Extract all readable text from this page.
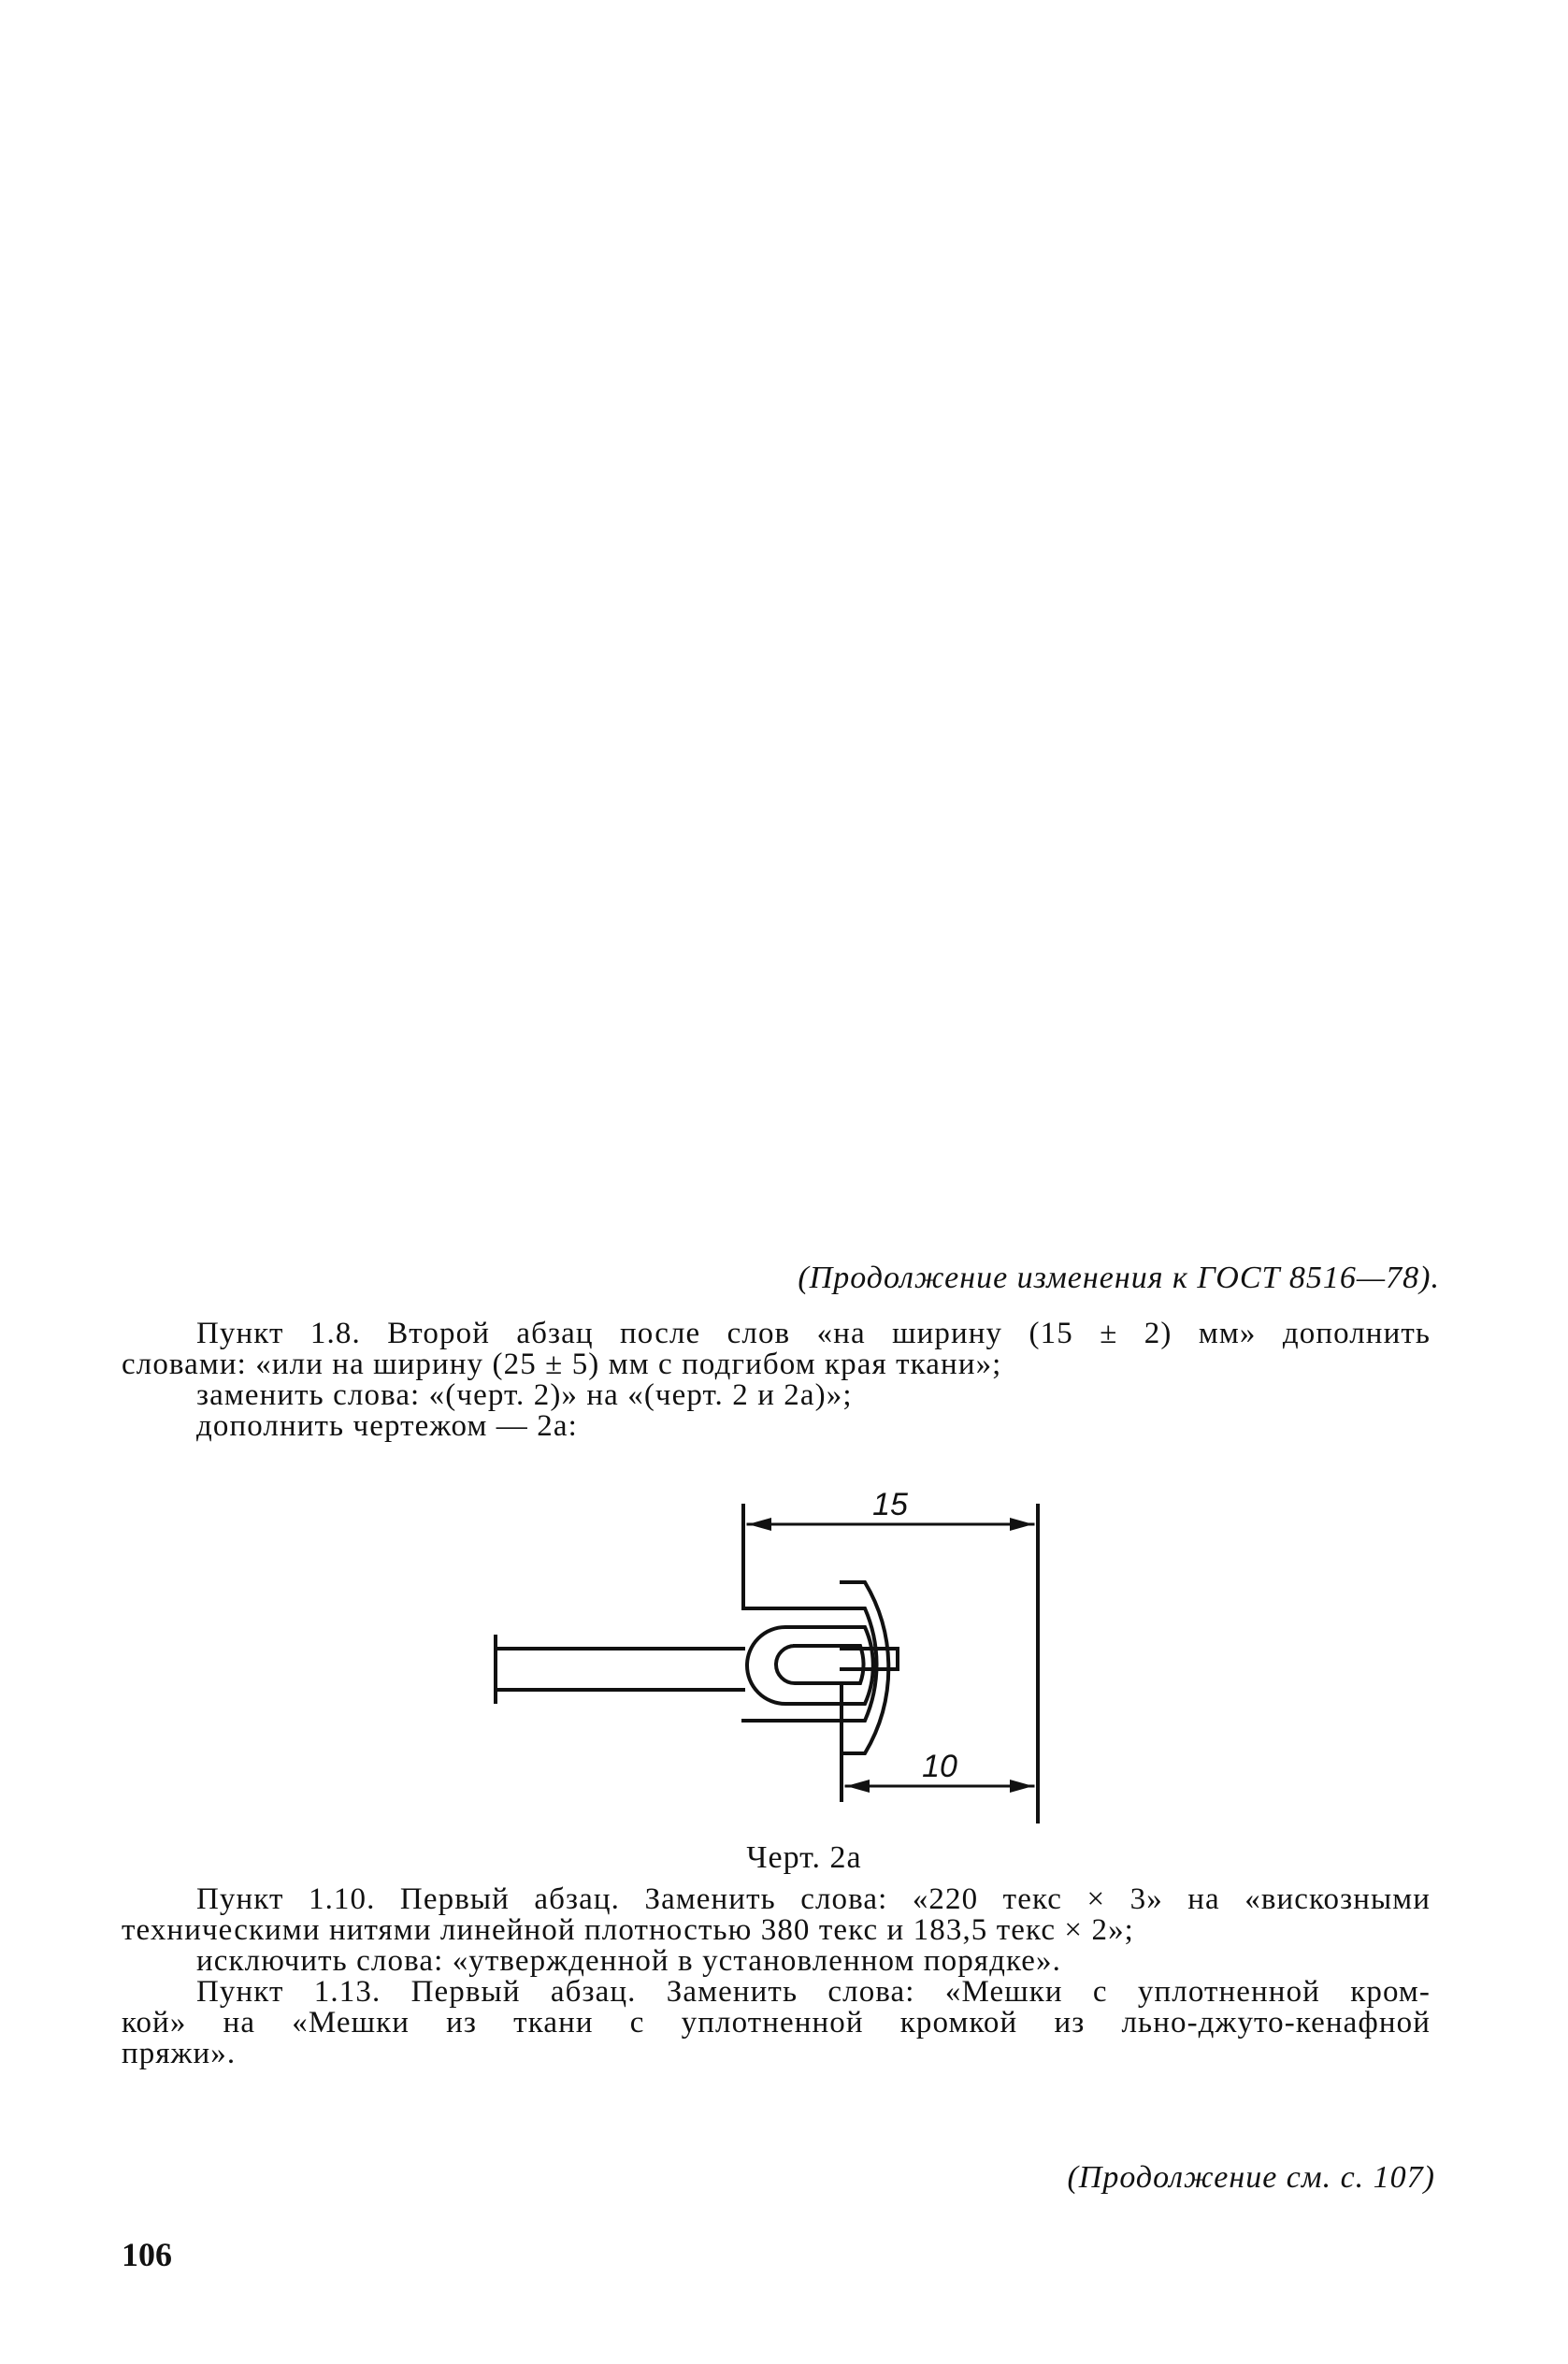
(Продолжение изменения к ГОСТ 8516—78).
Пункт 1.8. Второй абзац после слов «на ширину (15 ± 2) мм» дополнить
словами: «или на ширину (25 ± 5) мм с подгибом края ткани»;
заменить слова: «(черт. 2)» на «(черт. 2 и 2а)»;
дополнить чертежом — 2а:
15
10
Черт. 2а
Пункт 1.10. Первый абзац. Заменить слова: «220 текс × 3» на «вискозными
техническими нитями линейной плотностью 380 текс и 183,5 текс × 2»;
исключить слова: «утвержденной в установленном порядке».
Пункт 1.13. Первый абзац. Заменить слова: «Мешки с уплотненной кром-
кой» на «Мешки из ткани с уплотненной кромкой из льно-джуто-кенафной
пряжи».
(Продолжение см. с. 107)
106
